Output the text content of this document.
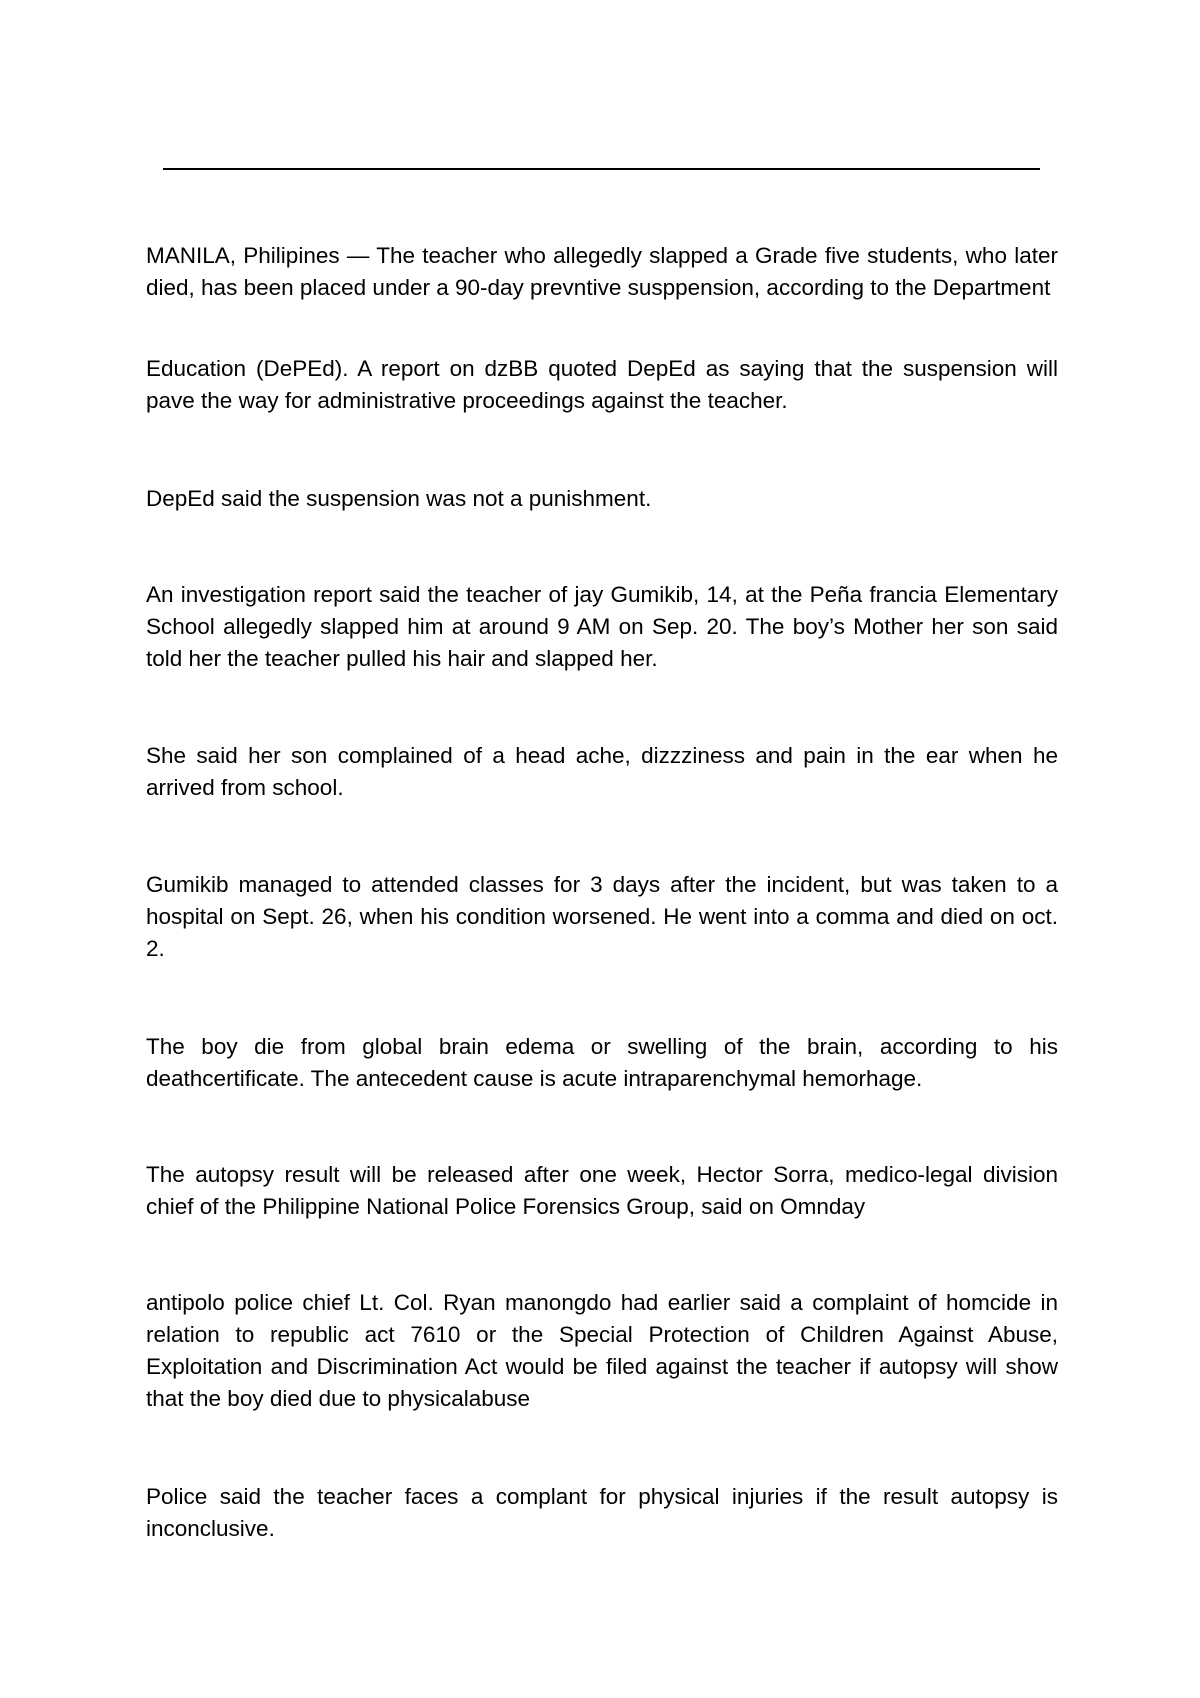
MANILA, Philipines — The teacher who allegedly slapped a Grade five students, who later died, has been placed under a 90-day prevntive susppension, according to the Department

Education (DePEd). A report on dzBB quoted DepEd as saying that the suspension will pave the way for administrative proceedings against the teacher.

DepEd said the suspension was not a punishment.

An investigation report said the teacher of jay Gumikib, 14, at the Peña francia Elementary School allegedly slapped him at around 9 AM on Sep. 20. The boy’s Mother her son said told her the teacher pulled his hair and slapped her.

She said her son complained of a head ache, dizzziness and pain in the ear when he arrived from school.

Gumikib managed to attended classes for 3 days after the incident, but was taken to a hospital on Sept. 26, when his condition worsened. He went into a comma and died on oct. 2.

The boy die from global brain edema or swelling of the brain, according to his deathcertificate. The antecedent cause is acute intraparenchymal hemorhage.

The autopsy result will be released after one week, Hector Sorra, medico-legal division chief of the Philippine National Police Forensics Group, said on Omnday

antipolo police chief Lt. Col. Ryan manongdo had earlier said a complaint of homcide in relation to republic act 7610 or the Special Protection of Children Against Abuse, Exploitation and Discrimination Act would be filed against the teacher if autopsy will show that the boy died due to physicalabuse

Police said the teacher faces a complant for physical injuries if the result autopsy is inconclusive.
